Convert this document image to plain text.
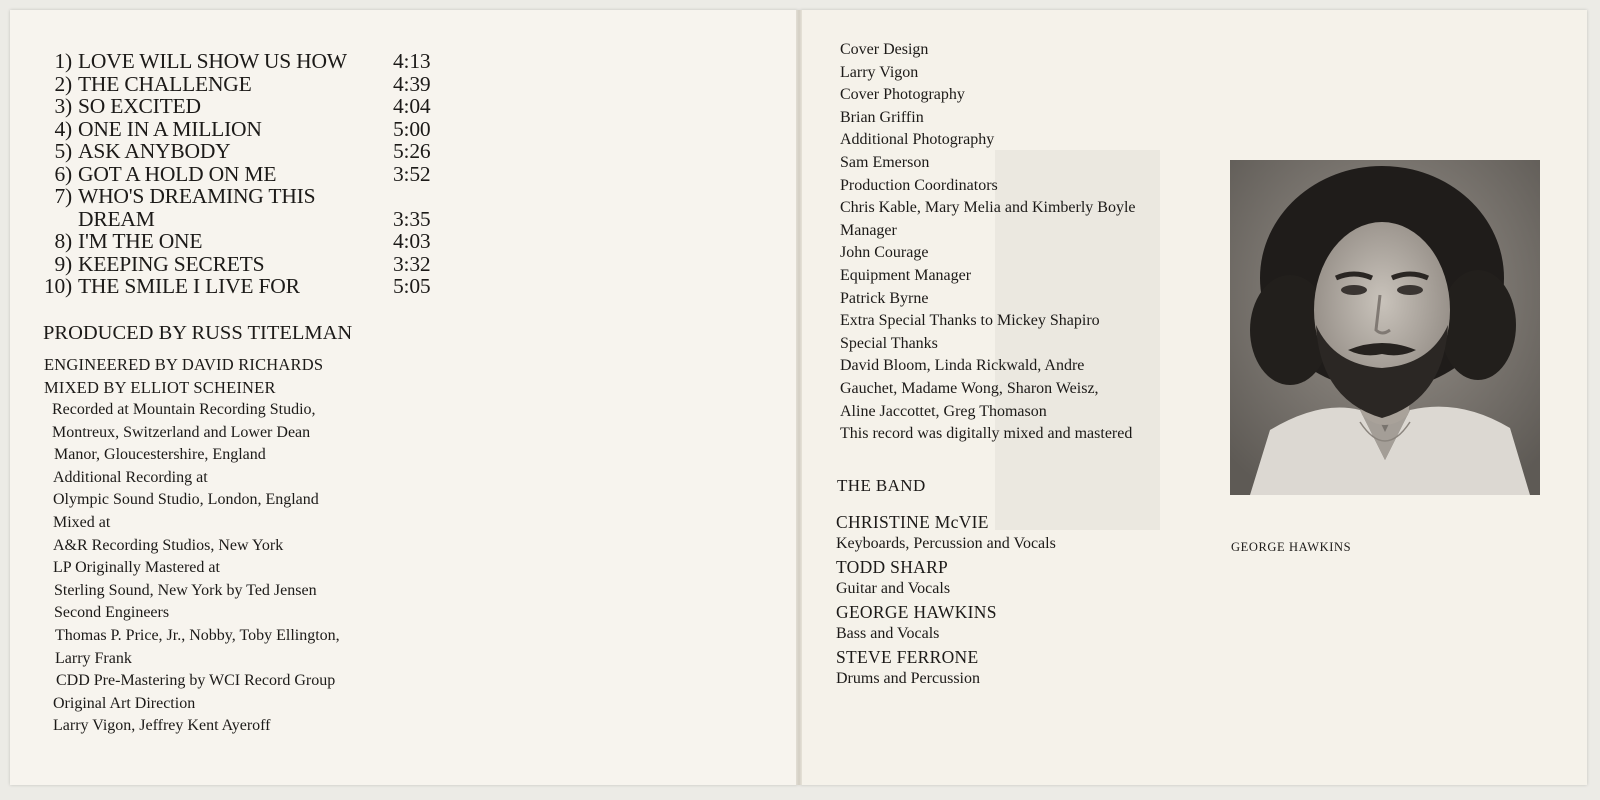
1) LOVE WILL SHOW US HOW 4:13
2) THE CHALLENGE	4:39
3) SO EXCITED	4:04
4) ONE IN A MILLION	5:00
5) ASK ANYBODY	5:26
6) GOT A HOLD ON ME	3:52
7) WHO'S DREAMING THIS
DREAM	3:35
8) I'M THE ONE	4:03
9) KEEPING SECRETS	3:32
10) THE SMILE I LIVE FOR	5:05
PRODUCED BY RUSS TITELMAN
ENGINEERED BY DAVID RICHARDS
MIXED BY ELLIOT SCHEINER
Recorded at Mountain Recording Studio,
Montreux, Switzerland and Lower Dean
Manor, Gloucestershire, England
Additional Recording at
Olympic Sound Studio, London, England
Mixed at
A&R Recording Studios, New York
LP Originally Mastered at
Sterling Sound, New York by Ted Jensen
Second Engineers
Thomas P. Price, Jr., Nobby, Toby Ellington,
Larry Frank
CDD Pre-Mastering by WCI Record Group
Original Art Direction
Larry Vigon, Jeffrey Kent Ayeroff
Cover Design
Larry Vigon
Cover Photography
Brian Griffin
Additional Photography
Sam Emerson
Production Coordinators
Chris Kable, Mary Melia and Kimberly Boyle
Manager
John Courage
Equipment Manager
Patrick Byrne
Extra Special Thanks to Mickey Shapiro
Special Thanks
David Bloom, Linda Rickwald, Andre
Gauchet, Madame Wong, Sharon Weisz,
Aline Jaccottet, Greg Thomason
This record was digitally mixed and mastered
THE BAND
CHRISTINE McVIE
Keyboards, Percussion and Vocals
TODD SHARP
Guitar and Vocals
GEORGE HAWKINS
Bass and Vocals
STEVE FERRONE
Drums and Percussion
GEORGE HAWKINS
